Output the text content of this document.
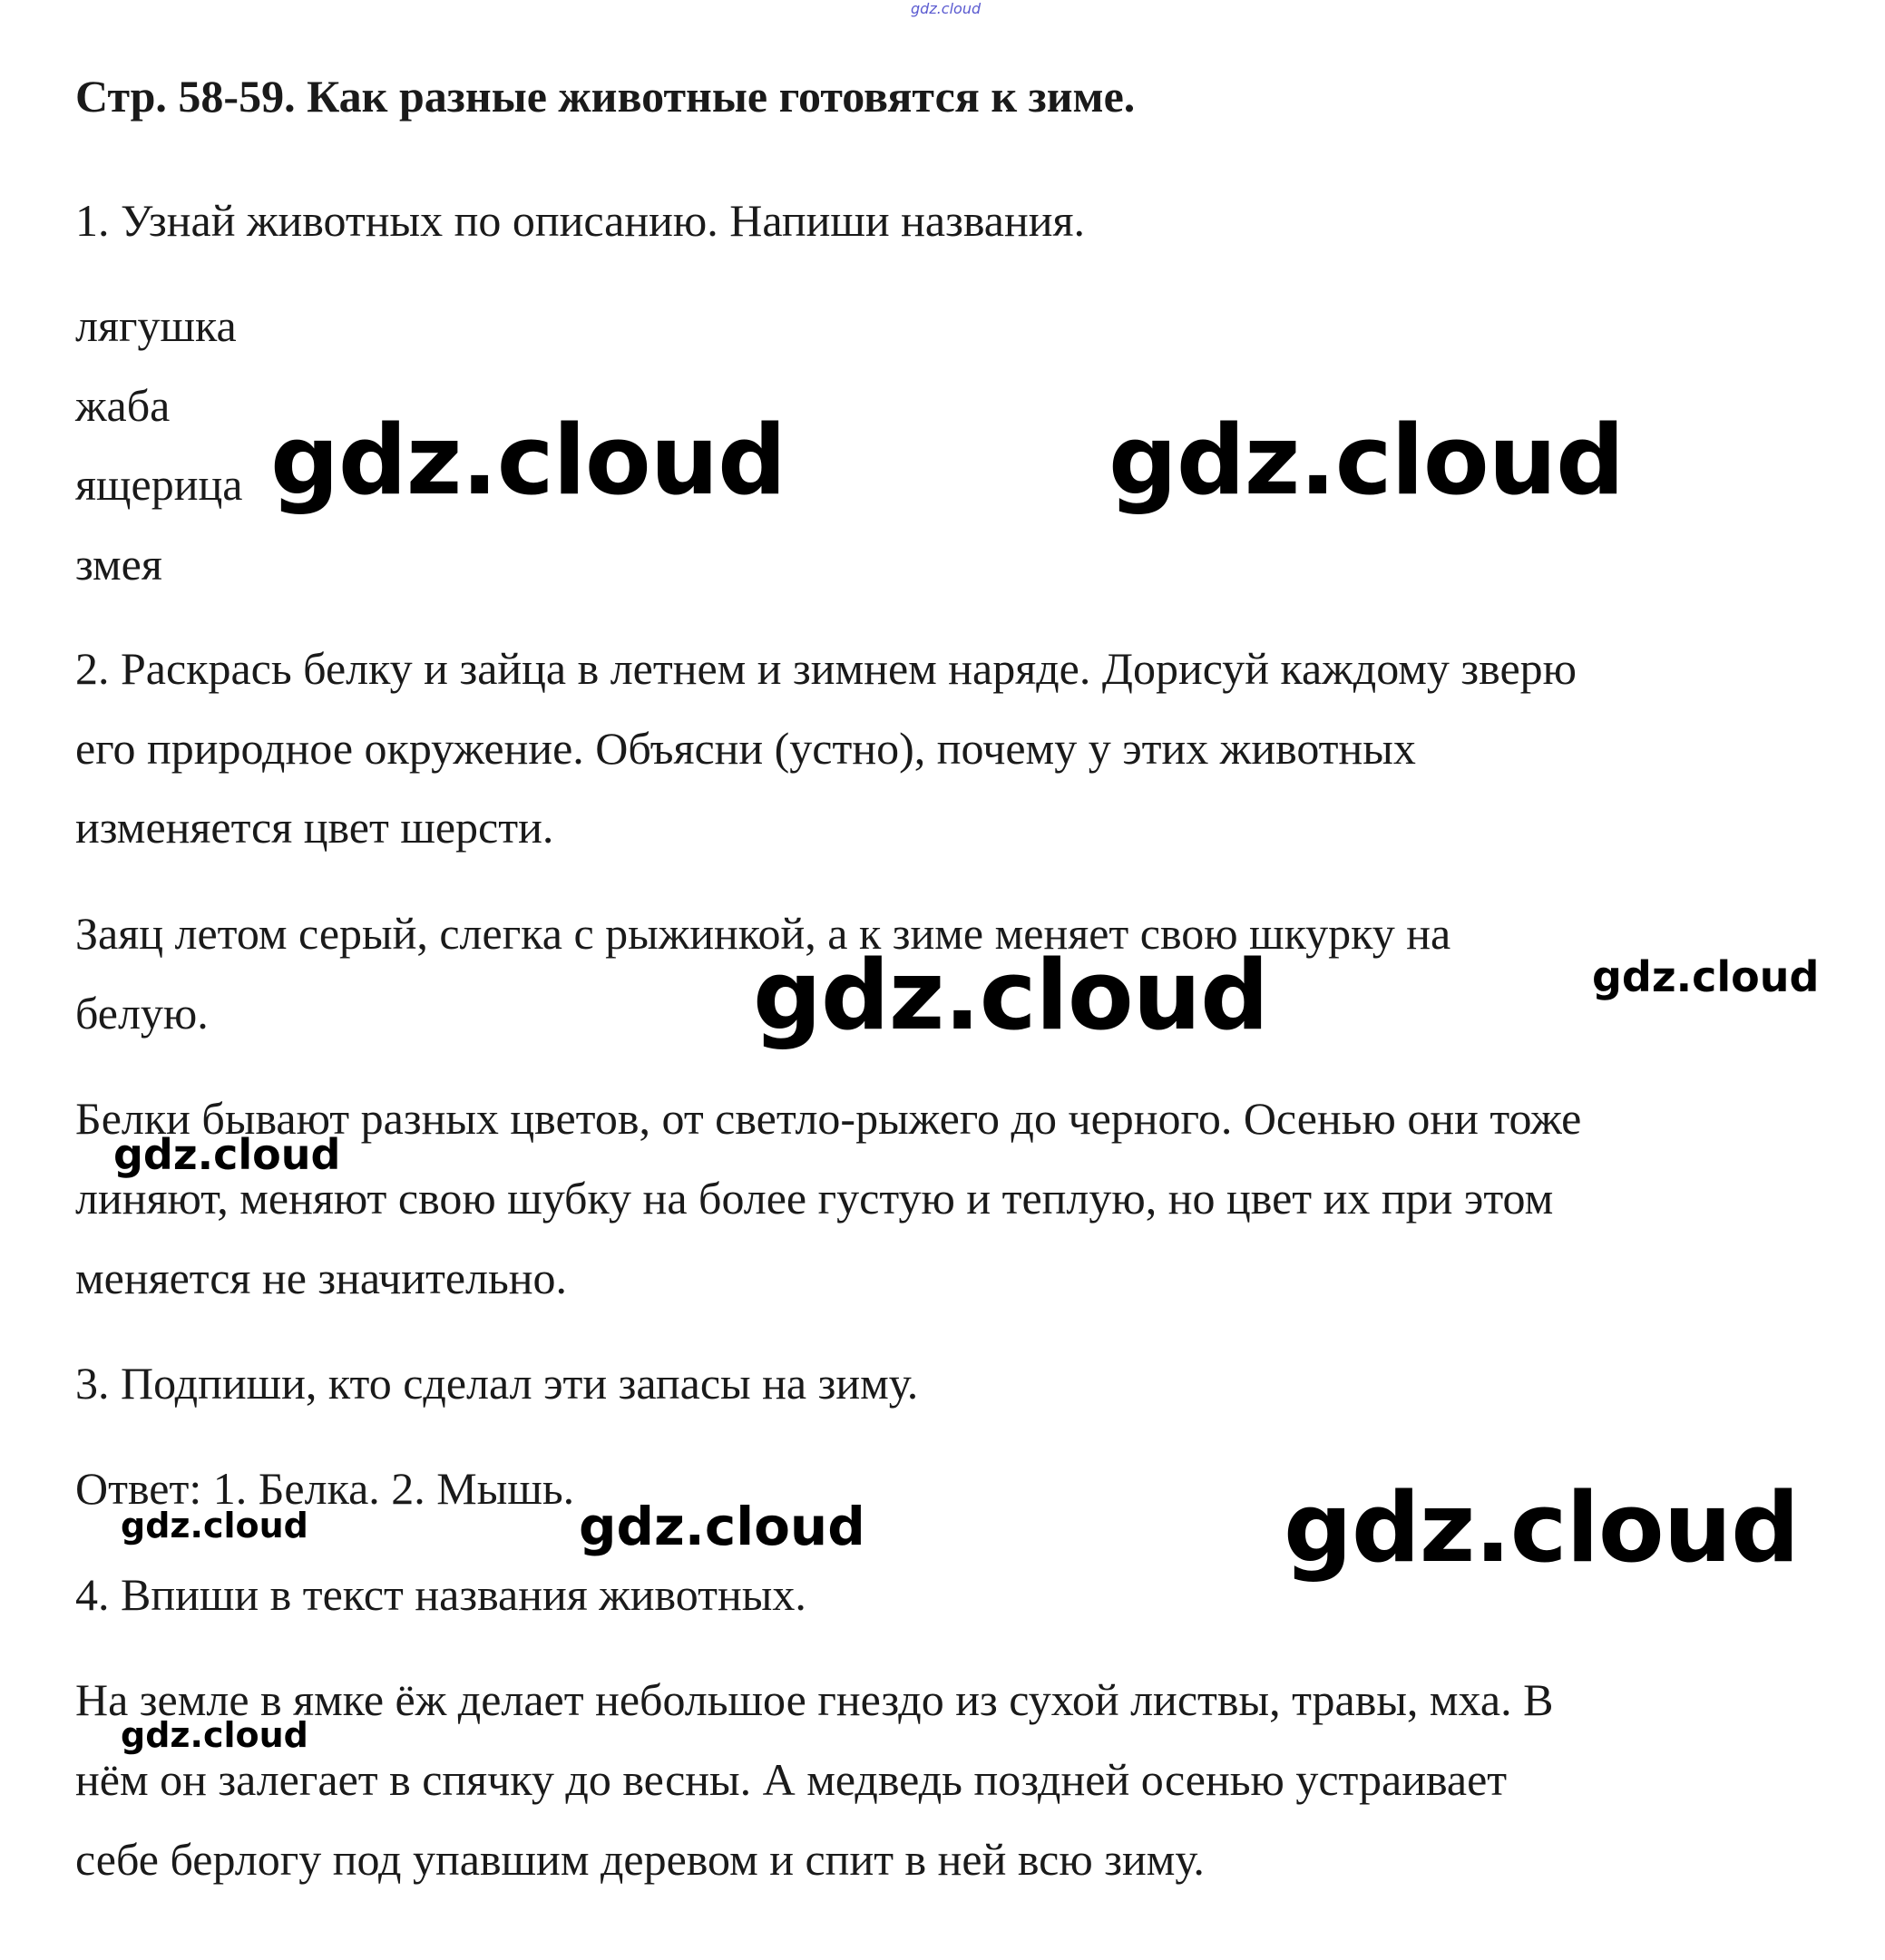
gdz.cloud
Стр. 58-59. Как разные животные готовятся к зиме.
1. Узнай животных по описанию. Напиши названия.
лягушка
жаба
ящерица
змея
2. Раскрась белку и зайца в летнем и зимнем наряде. Дорисуй каждому зверю
его природное окружение. Объясни (устно), почему у этих животных
изменяется цвет шерсти.
Заяц летом серый, слегка с рыжинкой, а к зиме меняет свою шкурку на
белую.
Белки бывают разных цветов, от светло-рыжего до черного. Осенью они тоже
линяют, меняют свою шубку на более густую и теплую, но цвет их при этом
меняется не значительно.
3. Подпиши, кто сделал эти запасы на зиму.
Ответ: 1. Белка. 2. Мышь.
4. Впиши в текст названия животных.
На земле в ямке ёж делает небольшое гнездо из сухой листвы, травы, мха. В
нём он залегает в спячку до весны. А медведь поздней осенью устраивает
себе берлогу под упавшим деревом и спит в ней всю зиму.
gdz.cloud	gdz.cloud
gdz.cloud	gdz.cloud
gdz.cloud
gdz.cloud	gdz.cloud	gdz.cloud
gdz.cloud
